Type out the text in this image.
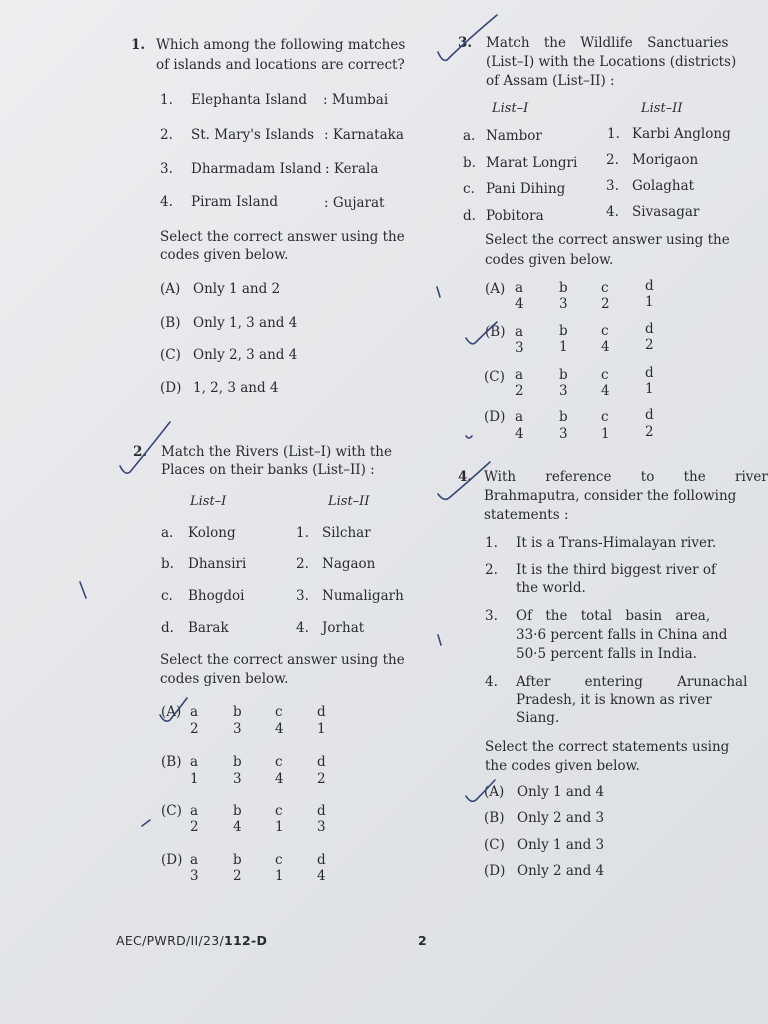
1. Which among the following matches
of islands and locations are correct?
1. Elephanta Island : Mumbai
2. St. Mary's Islands : Karnataka
3. Dharmadam Island : Kerala
4. Piram Island	: Gujarat
Select the correct answer using the
codes given below.
(A) Only 1 and 2
(B) Only 1, 3 and 4
(C) Only 2, 3 and 4
(D) 1, 2, 3 and 4
2. Match the Rivers (List–I) with the
Places on their banks (List–II) :
List–I	List–II
a. Kolong	1. Silchar
b. Dhansiri	2. Nagaon
c. Bhogdoi	3. Numaligarh
d. Barak	4. Jorhat
Select the correct answer using the
codes given below.
(A) a	b c	d
2	3 4 1
(B) a	b c	d
1	3 4 2
(C) a	b c	d
2	4 1 3
(D) a	b c	d
3	2 1 4
3. Match the Wildlife Sanctuaries
(List–I) with the Locations (districts)
of Assam (List–II) :
List–I	List–II
a. Nambor	1. Karbi Anglong
b. Marat Longri 2. Morigaon
c. Pani Dihing	3. Golaghat
d. Pobitora	4. Sivasagar
Select the correct answer using the
codes given below.
(A) a	b c	d
4	3 2	1
(B) a	b c	d
3	1 4	2
(C) a	b c	d
2	3 4	1
(D) a	b c	d
4	3 1	2
4. With reference to the river
Brahmaputra, consider the following
statements :
1. It is a Trans-Himalayan river.
2. It is the third biggest river of
the world.
3. Of the total basin area,
33·6 percent falls in China and
50·5 percent falls in India.
4. After entering Arunachal
Pradesh, it is known as river
Siang.
Select the correct statements using
the codes given below.
(A) Only 1 and 4
(B) Only 2 and 3
(C) Only 1 and 3
(D) Only 2 and 4
AEC/PWRD/II/23/112-D	2
